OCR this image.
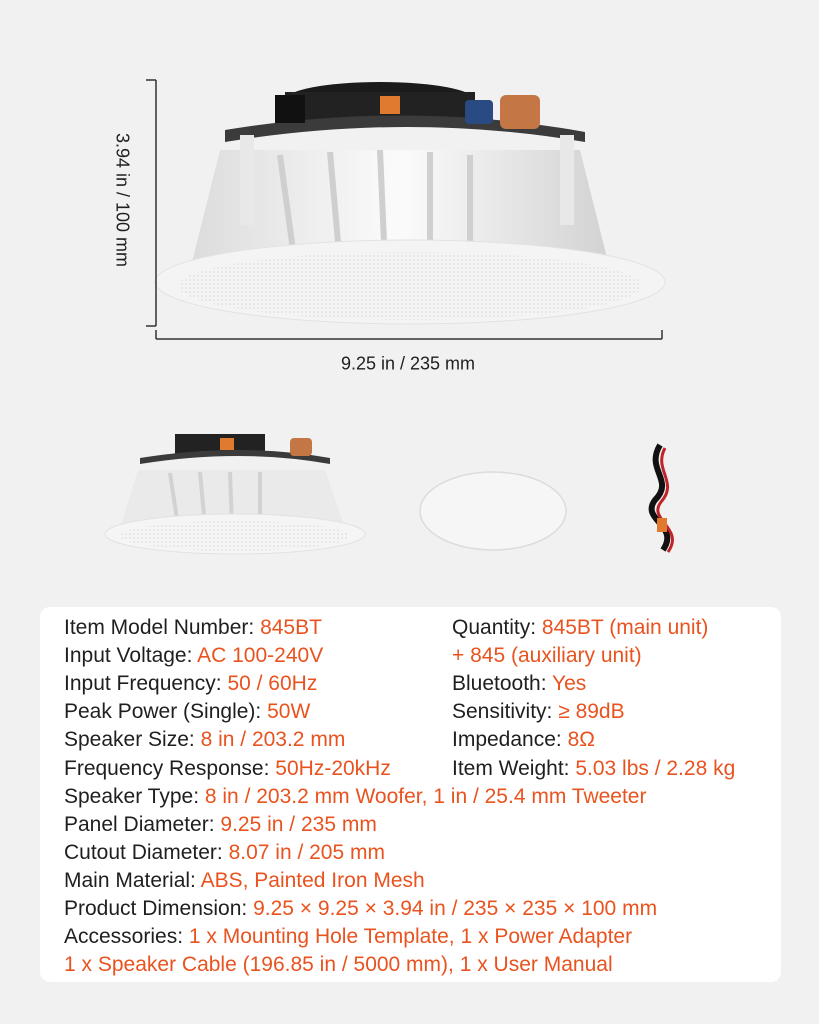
3.94 in / 100 mm
9.25 in / 235 mm
Item Model Number: 845BT
Input Voltage: AC 100-240V
Input Frequency: 50 / 60Hz
Peak Power (Single): 50W
Speaker Size: 8 in / 203.2 mm
Frequency Response: 50Hz-20kHz
Quantity: 845BT (main unit)
+ 845 (auxiliary unit)
Bluetooth: Yes
Sensitivity: ≥ 89dB
Impedance: 8Ω
Item Weight: 5.03 lbs / 2.28 kg
Speaker Type: 8 in / 203.2 mm Woofer, 1 in / 25.4 mm Tweeter
Panel Diameter: 9.25 in / 235 mm
Cutout Diameter: 8.07 in / 205 mm
Main Material: ABS, Painted Iron Mesh
Product Dimension: 9.25 × 9.25 × 3.94 in / 235 × 235 × 100 mm
Accessories: 1 x Mounting Hole Template, 1 x Power Adapter
1 x Speaker Cable (196.85 in / 5000 mm), 1 x User Manual
